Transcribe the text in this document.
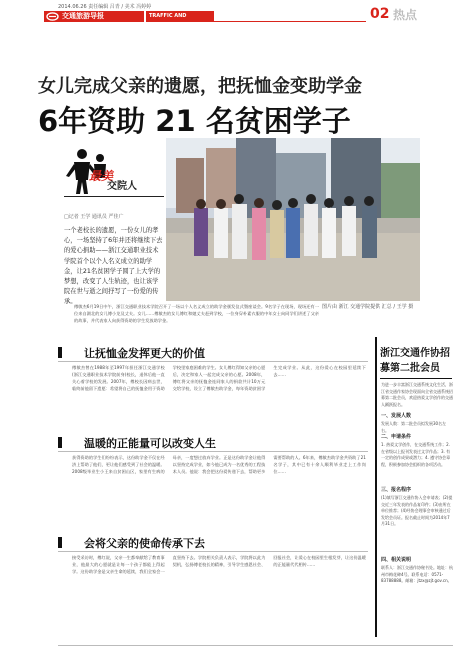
2014.06.26 责任编辑 吕青 / 美术 冯婷婷
交通旅游导报	TRAFFIC AND TRAVELLING
02 热点
女儿完成父亲的遗愿，把抚恤金变助学金
6年资助 21 名贫困学子
最美
交院人
□记者 王学 通讯员 严佳广
一个老校长的遗愿，一份女儿的孝心，一场坚持了6年并还将继续下去的爱心捐助——浙江交通职业技术学院首个以个人名义成立的助学金，让21名贫困学子圆了上大学的梦想，改变了人生轨迹，也让该学院在世与逝之间抒写了一份爱的传承。
图片由 浙江 交通学院提供 汇总 / 王学 摄
傅敏杰6月19日中午，浙江交通职业技术学院召开了一场以个人名义成立的助学金颁发仪式暨座谈会。9名学子在现场，现场还有一位来自湖北的女儿傅小龙及丈夫。女儿……傅敏杰的女儿傅红和她丈夫赶到学校，一位身穿朴素衣服的中年女士向同学们讲述了父亲的故事，并代表家人向获得资助的学生发放助学金。
让抚恤金发挥更大的价值
傅敏杰曾在1988年至1997年担任浙江交通学校(浙江交通职业技术学院前身)校长，退休后他一直关心着学校的发展。2007年，傅校长因病去世，临终前他留下遗愿：希望将自己的抚恤金用于资助学校里家庭困难的学生。女儿傅红得知父亲的心愿后，决定和家人一起完成父亲的心愿。2008年，傅红将父亲的抚恤金连同家人的捐款共计10万元交给学校，设立了傅敏杰助学金，每年资助贫困学生完成学业。从此，这份爱心在校园里延续下去……
温暖的正能量可以改变人生
获得资助的学生们纷纷表示，这份助学金不仅在经济上帮助了他们，更让他们感受到了社会的温暖。2008级毕业生小王来自贫困山区，家里有生病的母亲，一度想过放弃学业。正是这份助学金让他得以坚持完成学业，如今他已成为一名优秀的工程技术人员。他说：我会把这份爱传递下去，帮助更多需要帮助的人。6年来，傅敏杰助学金共资助了21名学子，其中已有十余人顺利毕业走上工作岗位……
会将父亲的使命传承下去
接受采访时，傅红说，父亲一生都奉献给了教育事业，他最大的心愿就是让每一个孩子都能上得起学。这份助学金是父亲生命的延续，我们全家会一直坚持下去。学院相关负责人表示，学院将以此为契机，弘扬傅老校长的精神，引导学生感恩社会、回报社会，让爱心在校园里生根发芽，让这份温暖的正能量代代相传……
浙江交通作协招募第二批会员
为进一步丰富浙江交通系统文化生活，浙江省交通作家协会现面向全省交通系统招募第二批会员，欢迎热爱文学创作的交通人踊跃报名。
一、发展人数
发展人数：第二批会员拟发展30名左右。
二、申请条件
1. 热爱文学创作，在交通系统工作；2. 在省级以上报刊发表过文学作品；3. 有一定的创作成果或潜力；4. 遵守协会章程，积极参加协会组织的各项活动。
三、报名程序
(1)填写浙江交通作协入会申请表；(2)提交近三年发表的作品复印件；(3)由所在单位推荐；(4)经协会理事会审核通过后发给会员证。报名截止时间为2014年7月31日。
四、相关说明
联系人：浙江交通作协秘书处。地址：杭州市梅花碑4号。联系电话：0571-83788888。邮箱：jtzx@zjt.gov.cn。
